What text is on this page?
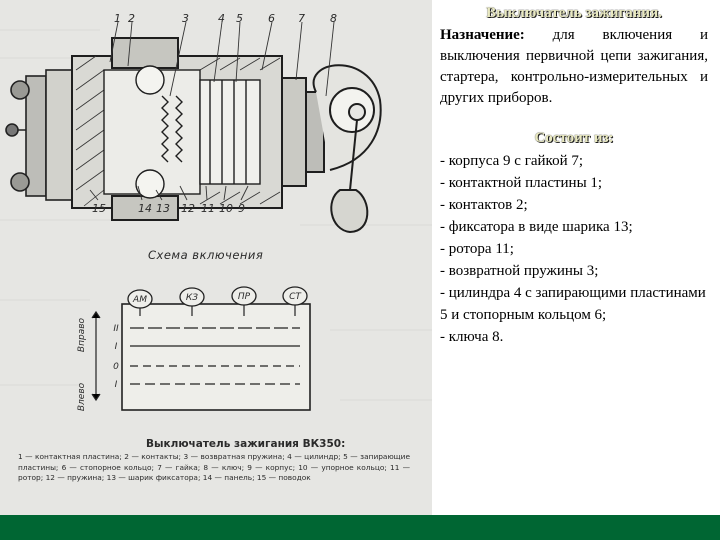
1 2	3	4 5 6 7 8
15	14 13 12 11 10 9
АМ	КЗ	ПР	СТ
II
I
0
I
Вправо
Влево
Схема включения
Выключатель зажигания ВК350:
1 — контактная пластина; 2 — контакты; 3 — возвратная пружина; 4 — цилиндр; 5 — запирающие пластины; 6 — стопорное кольцо; 7 — гайка; 8 — ключ; 9 — корпус; 10 — упорное кольцо; 11 — ротор; 12 — пружина; 13 — шарик фиксатора; 14 — панель; 15 — поводок

Выключатель зажигания.

Назначение: для включения и выключения первичной цепи зажигания, стартера, контрольно-измерительных и других приборов.

Состоит из:

- корпуса 9 с гайкой 7;
- контактной пластины 1;
- контактов 2;
- фиксатора в виде шарика 13;
- ротора 11;
- возвратной пружины 3;
- цилиндра 4 с запирающими пластинами 5 и стопорным кольцом 6;
- ключа 8.
